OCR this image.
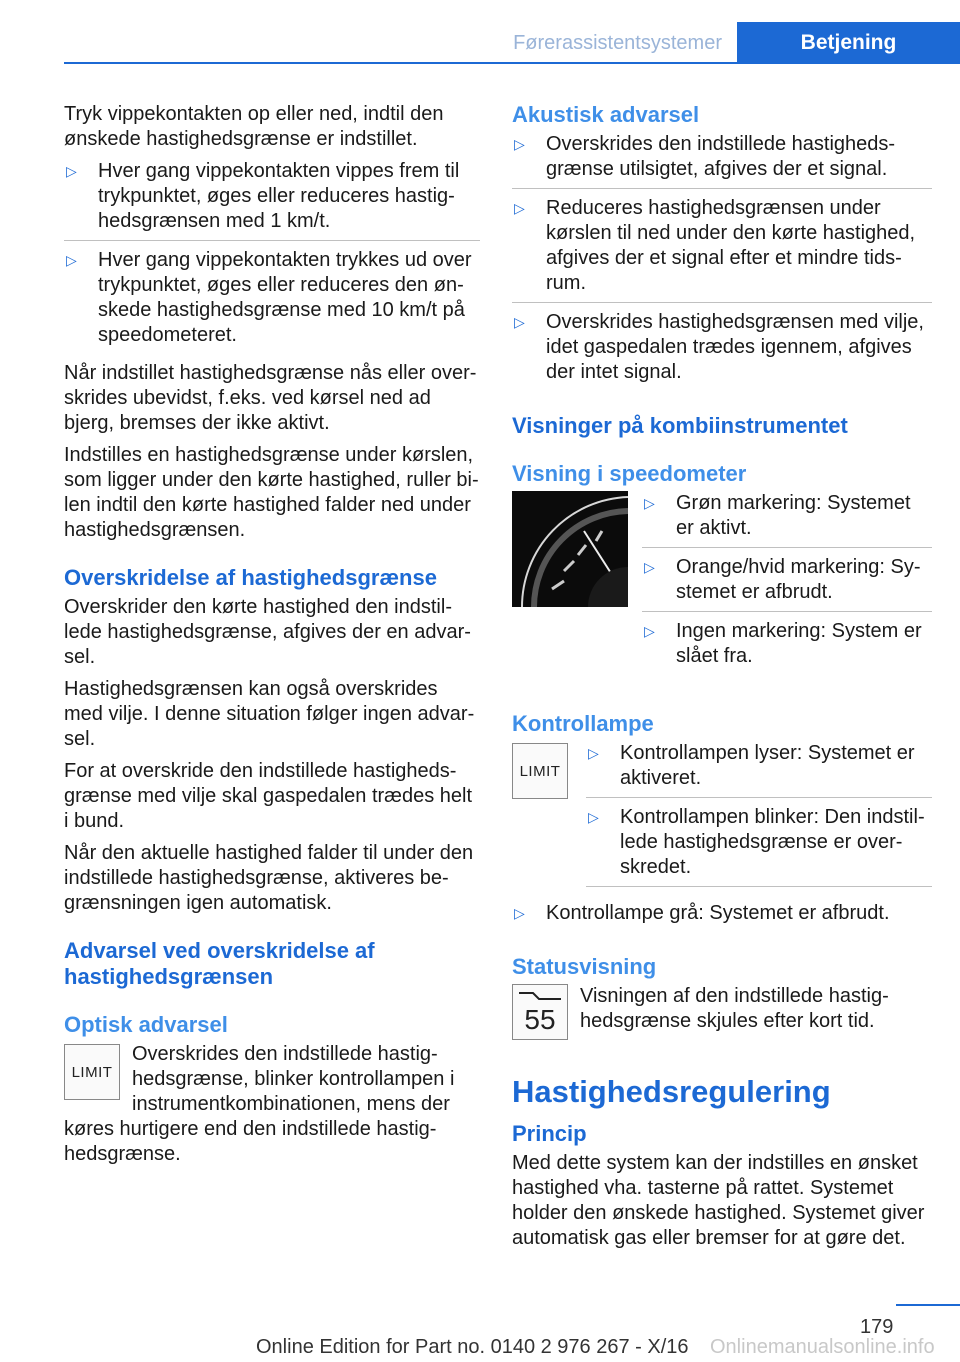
Førerassistentsystemer	Betjening

Tryk vippekontakten op eller ned, indtil den ønskede hastighedsgrænse er indstillet.

▷ Hver gang vippekontakten vippes frem til trykpunktet, øges eller reduceres hastighedsgrænsen med 1 km/t.
▷ Hver gang vippekontakten trykkes ud over trykpunktet, øges eller reduceres den ønskede hastighedsgrænse med 10 km/t på speedometeret.

Når indstillet hastighedsgrænse nås eller overskrides ubevidst, f.eks. ved kørsel ned ad bjerg, bremses der ikke aktivt.

Indstilles en hastighedsgrænse under kørslen, som ligger under den kørte hastighed, ruller bilen indtil den kørte hastighed falder ned under hastighedsgrænsen.

Overskridelse af hastighedsgrænse

Overskrider den kørte hastighed den indstillede hastighedsgrænse, afgives der en advarsel.

Hastighedsgrænsen kan også overskrides med vilje. I denne situation følger ingen advarsel.

For at overskride den indstillede hastighedsgrænse med vilje skal gaspedalen trædes helt i bund.

Når den aktuelle hastighed falder til under den indstillede hastighedsgrænse, aktiveres begrænsningen igen automatisk.

Advarsel ved overskridelse af hastighedsgrænsen
Optisk advarsel
LIMIT

Overskrides den indstillede hastighedsgrænse, blinker kontrollampen i instrumentkombinationen, mens der køres hurtigere end den indstillede hastighedsgrænse.

Akustisk advarsel
▷ Overskrides den indstillede hastighedsgrænse utilsigtet, afgives der et signal.
▷ Reduceres hastighedsgrænsen under kørslen til ned under den kørte hastighed, afgives der et signal efter et mindre tidsrum.
▷ Overskrides hastighedsgrænsen med vilje, idet gaspedalen trædes igennem, afgives der intet signal.
Visninger på kombiinstrumentet
Visning i speedometer
▷ Grøn markering: Systemet er aktivt.
▷ Orange/hvid markering: Systemet er afbrudt.
▷ Ingen markering: System er slået fra.
Kontrollampe
LIMIT
▷ Kontrollampen lyser: Systemet er aktiveret.
▷ Kontrollampen blinker: Den indstillede hastighedsgrænse er overskredet.
▷ Kontrollampe grå: Systemet er afbrudt.
Statusvisning
55

Visningen af den indstillede hastighedsgrænse skjules efter kort tid.

Hastighedsregulering
Princip

Med dette system kan der indstilles en ønsket hastighed vha. tasterne på rattet. Systemet holder den ønskede hastighed. Systemet giver automatisk gas eller bremser for at gøre det.

179
Online Edition for Part no. 0140 2 976 267 - X/16 Onlinemanualsonline.info
